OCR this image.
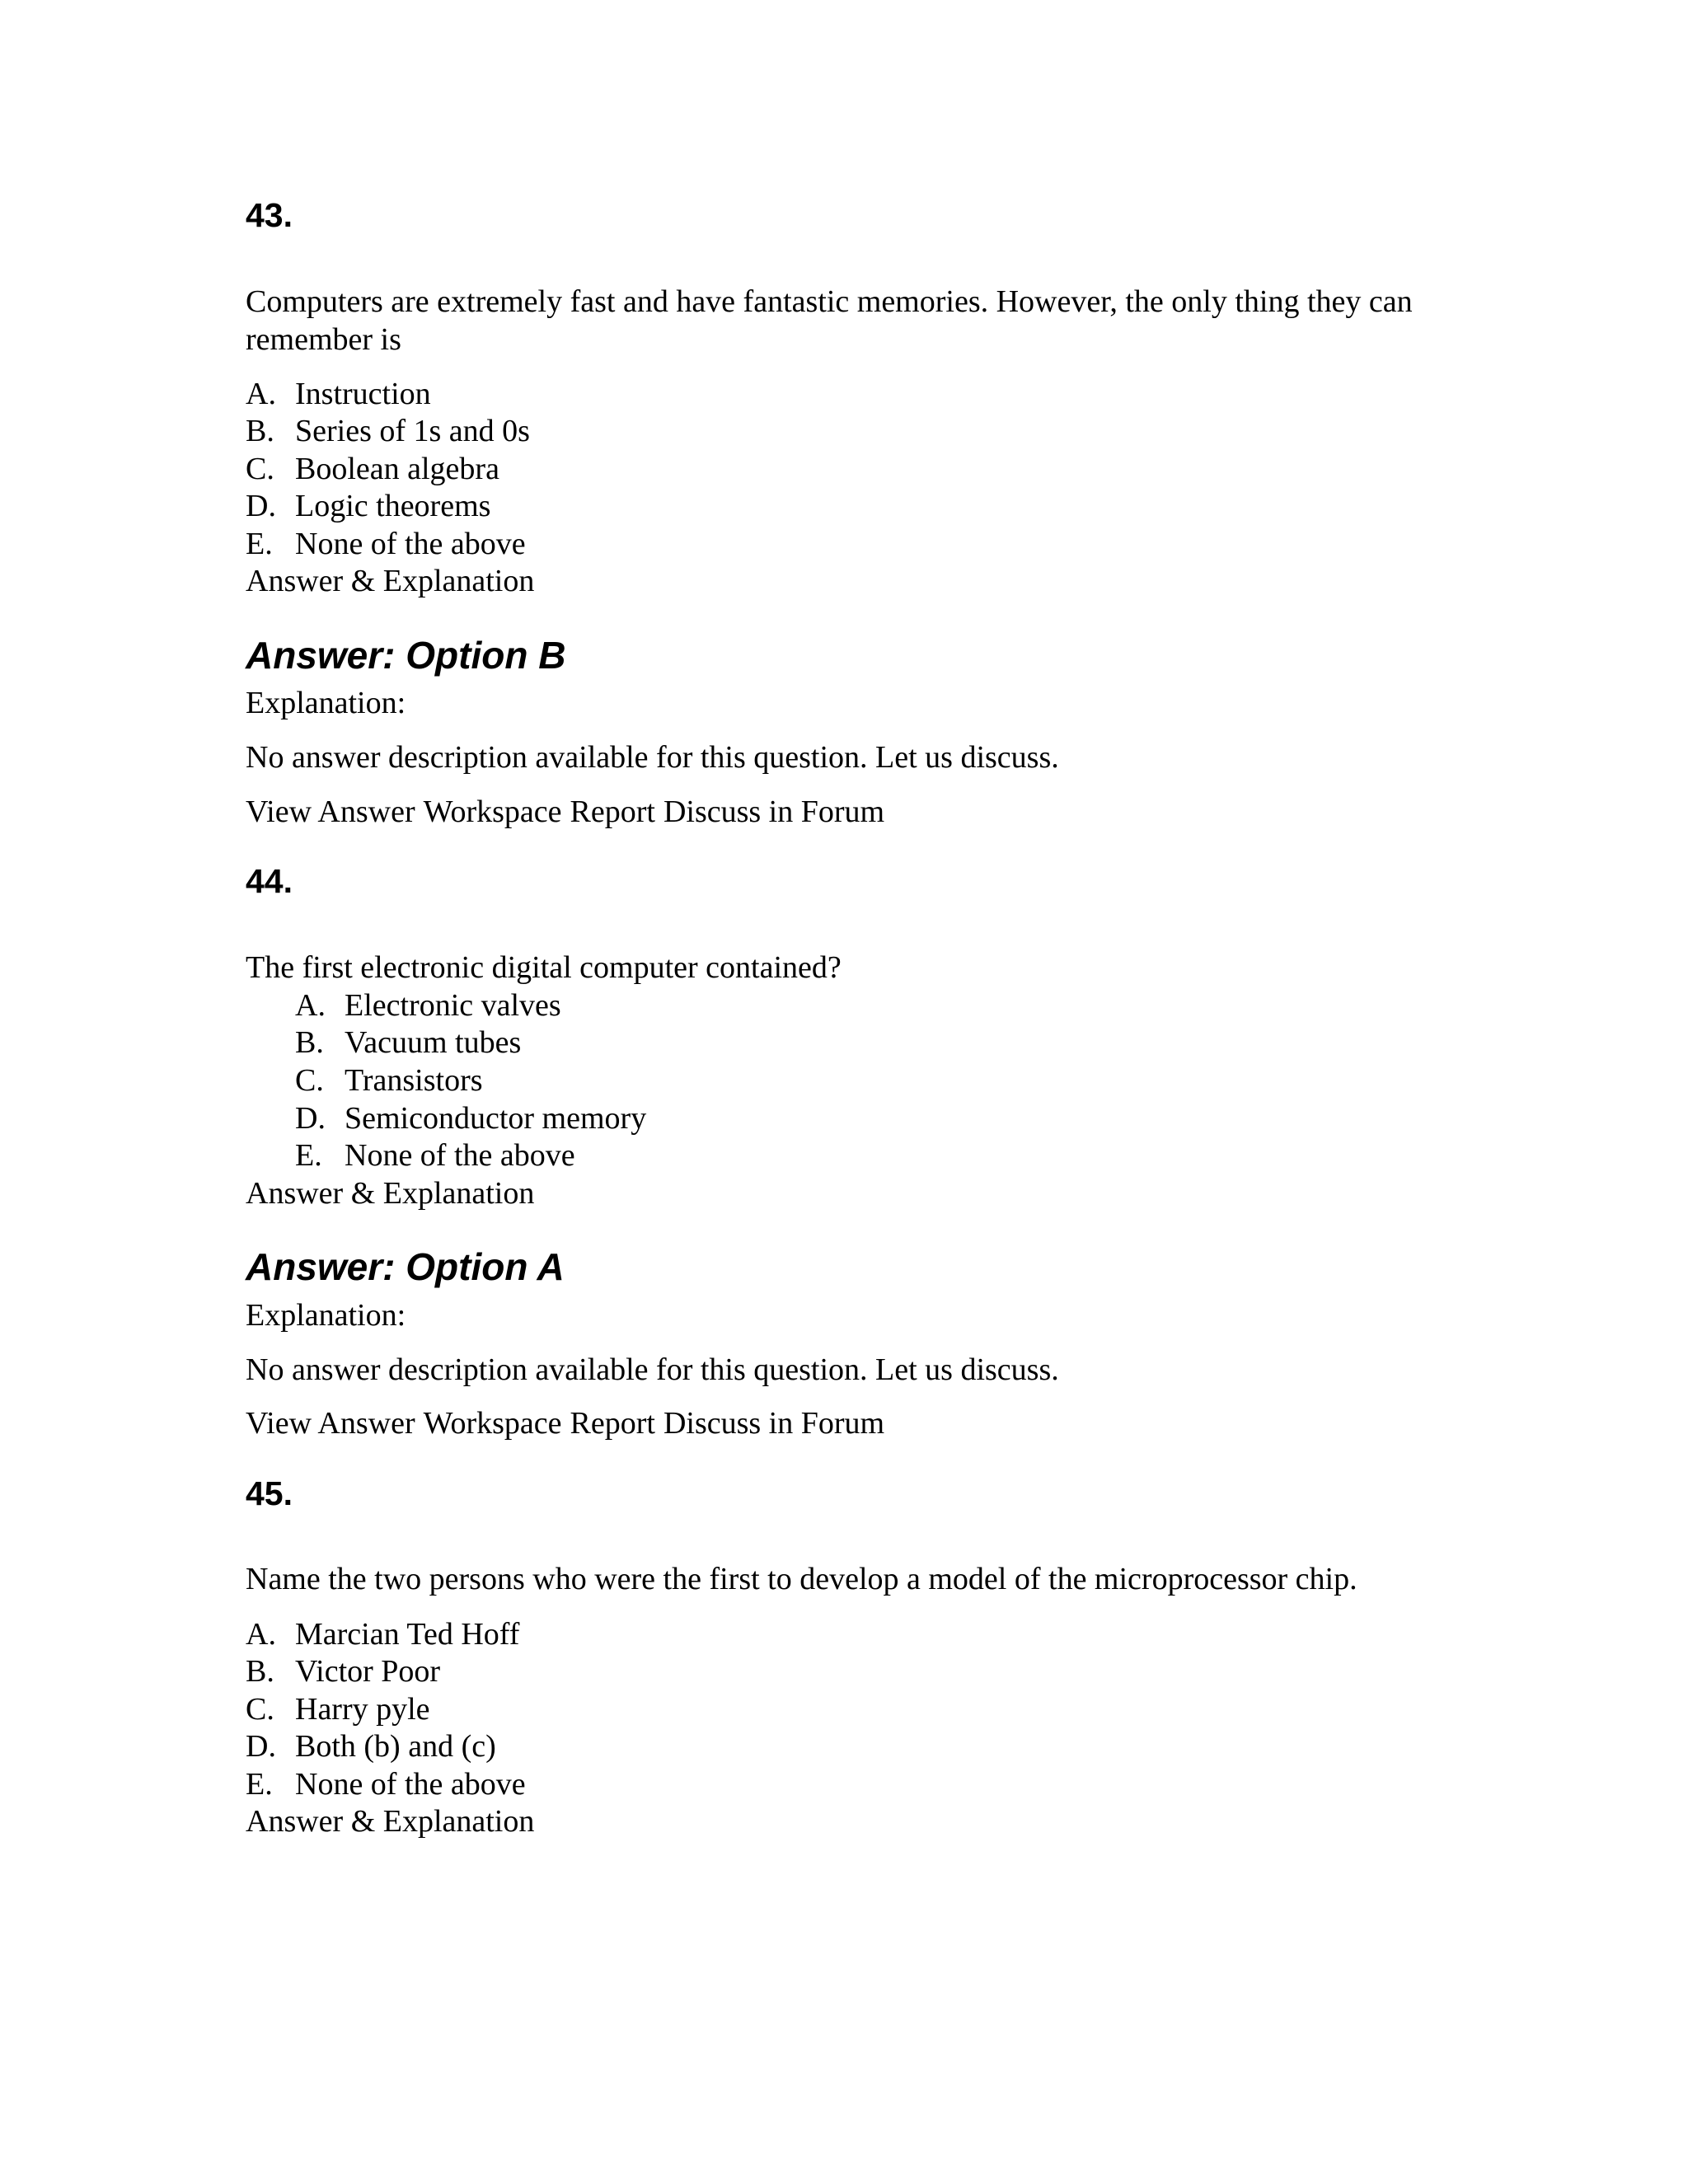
43.
Computers are extremely fast and have fantastic memories. However, the only thing they can remember is
A. Instruction
B. Series of 1s and 0s
C. Boolean algebra
D. Logic theorems
E. None of the above
Answer & Explanation
Answer: Option B
Explanation:
No answer description available for this question. Let us discuss.
View Answer Workspace Report Discuss in Forum
44.
The first electronic digital computer contained?
A. Electronic valves
B. Vacuum tubes
C. Transistors
D. Semiconductor memory
E. None of the above
Answer & Explanation
Answer: Option A
Explanation:
No answer description available for this question. Let us discuss.
View Answer Workspace Report Discuss in Forum
45.
Name the two persons who were the first to develop a model of the microprocessor chip.
A. Marcian Ted Hoff
B. Victor Poor
C. Harry pyle
D. Both (b) and (c)
E. None of the above
Answer & Explanation
